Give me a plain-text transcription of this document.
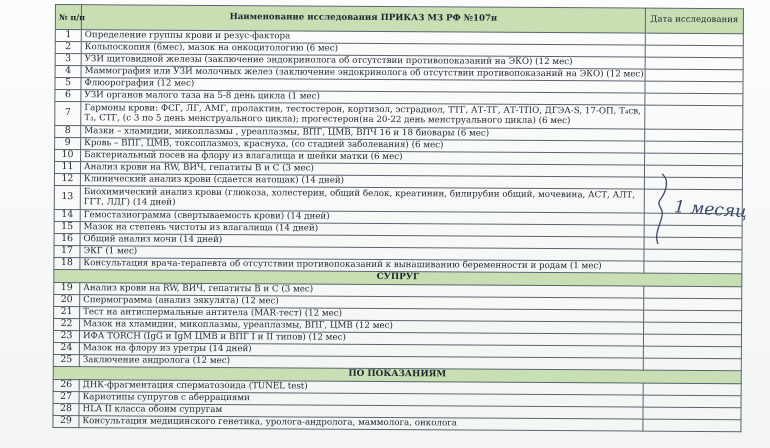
№ п/п	Наименование исследования ПРИКАЗ МЗ РФ №107н	Дата исследования
1	Определение группы крови и резус-фактора	
2	Кольпоскопия (6мес), мазок на онкоцитологию (6 мес)	
3	УЗИ щитовидной железы (заключение эндокринолога об отсутствии противопоказаний на ЭКО) (12 мес)	
4	Маммография или УЗИ молочных желез (заключение эндокринолога об отсутствии противопоказаний на ЭКО) (12 мес)	
5	Флюорография (12 мес)	
6	УЗИ органов малого таза на 5-8 день цикла (1 мес)	
7	Гармоны крови: ФСГ, ЛГ, АМГ, пролактин, тестостерон, кортизол, эстрадиол, ТТГ, АТ-ТГ, АТ-ТПО, ДГЭА-S, 17-ОП, Т₄св, Т₃, СТГ, (с 3 по 5 день менструального цикла); прогестерон(на 20-22 день менструального цикла) (6 мес)	
8	Мазки – хламидии, микоплазмы , уреаплазмы, ВПГ, ЦМВ, ВПЧ 16 и 18 биовары (6 мес)	
9	Кровь – ВПГ, ЦМВ, токсоплазмоз, краснуха, (со стадией заболевания) (6 мес)	
10	Бактериальный посев на флору из влагалища и шейки матки (6 мес)	
11	Анализ крови на RW, ВИЧ, гепатиты В и С (3 мес)	
12	Клинический анализ крови (сдается натощак) (14 дней)	
13	Биохимический анализ крови (глюкоза, холестерин, общий белок, креатинин, билирубин общий, мочевина, АСТ, АЛТ, ГГТ, ЛДГ) (14 дней)	
14	Гемостазиограмма (свертываемость крови) (14 дней)	
15	Мазок на степень чистоты из влагалища (14 дней)	
16	Общий анализ мочи (14 дней)	
17	ЭКГ (1 мес)	
18	Консультация врача-терапевта об отсутствии противопоказаний к вынашиванию беременности и родам (1 мес)	
СУПРУГ		
19	Анализ крови на RW, ВИЧ, гепатиты В и С (3 мес)	
20	Спермограмма (анализ эякулята) (12 мес)	
21	Тест на антиспермальные антитела (MAR-тест) (12 мес)	
22	Мазок на хламидии, микоплазмы, уреаплазмы, ВПГ, ЦМВ (12 мес)	
23	ИФА TORCH (IgG и IgM ЦМВ и ВПГ I и II типов) (12 мес)	
24	Мазок на флору из уретры (14 дней)	
25	Заключение андролога (12 мес)	
ПО ПОКАЗАНИЯМ		
26	ДНК-фрагментация сперматозоида (TUNEL test)	
27	Кариотипы супругов с аберрациями	
28	HLA II класса обоим супругам	
29	Консультация медицинского генетика, уролога-андролога, маммолога, онколога	
1 месяц
